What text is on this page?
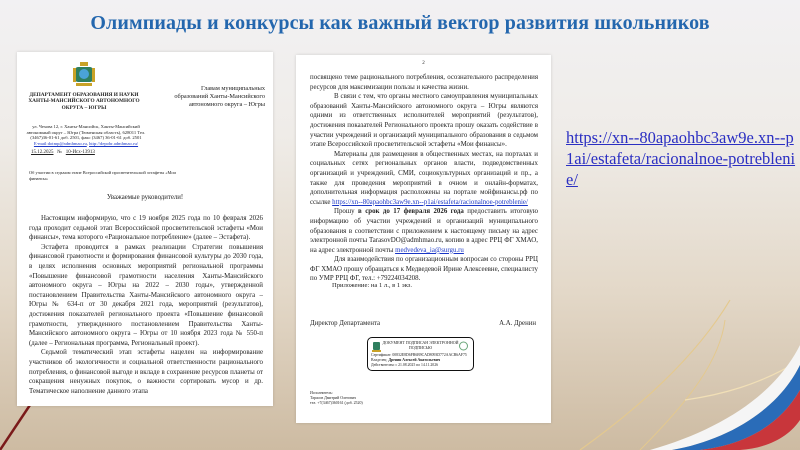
Олимпиады и конкурсы как важный вектор развития школьников
ДЕПАРТАМЕНТ ОБРАЗОВАНИЯ И НАУКИ ХАНТЫ-МАНСИЙСКОГО АВТОНОМНОГО ОКРУГА – ЮГРЫ
ул. Чехова 12, г. Ханты-Мансийск, Ханты-Мансийский автономный округ – Югра (Тюменская область), 628011 Тел. (3467)36-01-61 доб. 2501, факс (3467) 36-01-61 доб. 2501
E-mail:dotmp@admhmao.ru, http://depobr.admhmao.ru/
15.12.2025 № 10-Исх-13913
Главам муниципальных образований Ханты-Мансийского автономного округа – Югры
Об участии в седьмом этапе Всероссийской просветительской эстафеты «Мои финансы»
Уважаемые руководители!

Настоящим информирую, что с 19 ноября 2025 года по 10 февраля 2026 года проходит седьмой этап Всероссийской просветительской эстафеты «Мои финансы», тема которого «Рациональное потребление» (далее – Эстафета).

Эстафета проводится в рамках реализации Стратегии повышения финансовой грамотности и формирования финансовой культуры до 2030 года, в целях исполнения основных мероприятий региональной программы «Повышение финансовой грамотности населения Ханты-Мансийского автономного округа – Югры на 2022 – 2030 годы», утвержденной постановлением Правительства Ханты-Мансийского автономного округа – Югры № 634-п от 30 декабря 2021 года, мероприятий (результатов), достижения показателей регионального проекта «Повышение финансовой грамотности, утвержденного постановлением Правительства Ханты-Мансийского автономного округа – Югры от 10 ноября 2023 года № 550-п (далее – Региональная программа, Региональный проект).

Седьмой тематический этап эстафеты нацелен на информирование участников об экологичности и социальной ответственности рационального потребления, о финансовой выгоде и вкладе в сохранение ресурсов планеты от сокращения ненужных покупок, о важности сортировать мусор и др. Тематическое наполнение данного этапа

2

посвящено теме рационального потребления, осознательного распределения ресурсов для максимизации пользы и качества жизни.

В связи с тем, что органы местного самоуправления муниципальных образований Ханты-Мансийского автономного округа – Югры являются одними из ответственных исполнителей мероприятий (результатов), достижения показателей Регионального проекта прошу оказать содействие в участии учреждений и организаций муниципального образования в седьмом этапе Всероссийской просветительской эстафеты «Мои финансы».

Материалы для размещения в общественных местах, на порталах и социальных сетях региональных органов власти, подведомственных организаций и учреждений, СМИ, социокультурных организаций и пр., а также для проведения мероприятий в очном и онлайн-форматах, дополнительная информация расположены на портале мойфинансы.рф по ссылке https://xn--80apaohbc3aw9e.xn--p1ai/estafeta/racionalnoe-potreblenie/

Прошу в срок до 17 февраля 2026 года предоставить итоговую информацию об участии учреждений и организаций муниципального образования в соответствии с приложением к настоящему письму на адрес электронной почты TarasovDO@admhmao.ru, копию в адрес РРЦ ФГ ХМАО, на адрес электронной почты medvedeva_ia@surgu.ru

Для взаимодействия по организационным вопросам со стороны РРЦ ФГ ХМАО прошу обращаться к Медведевой Ирине Алексеевне, специалисту по УМР РРЦ ФГ, тел.: +79224034208.

Приложение: на 1 л., в 1 экз.
Директор Департамента	А.А. Дренин
ДОКУМЕНТ ПОДПИСАН ЭЛЕКТРОННОЙ ПОДПИСЬЮ
Сертификат: 00832E8D6FB6B9CAD8093D772AACB6AF75
Владелец: Дренин Алексей Анатольевич
Действителен: с 21.08.2025 по 14.11.2026
Исполнитель:
Тарасов Дмитрий Олегович
тел. +7(3467)360161 (доб. 2520)
https://xn--80apaohbc3aw9e.xn--p1ai/estafeta/racionalnoe-potreblenie/
